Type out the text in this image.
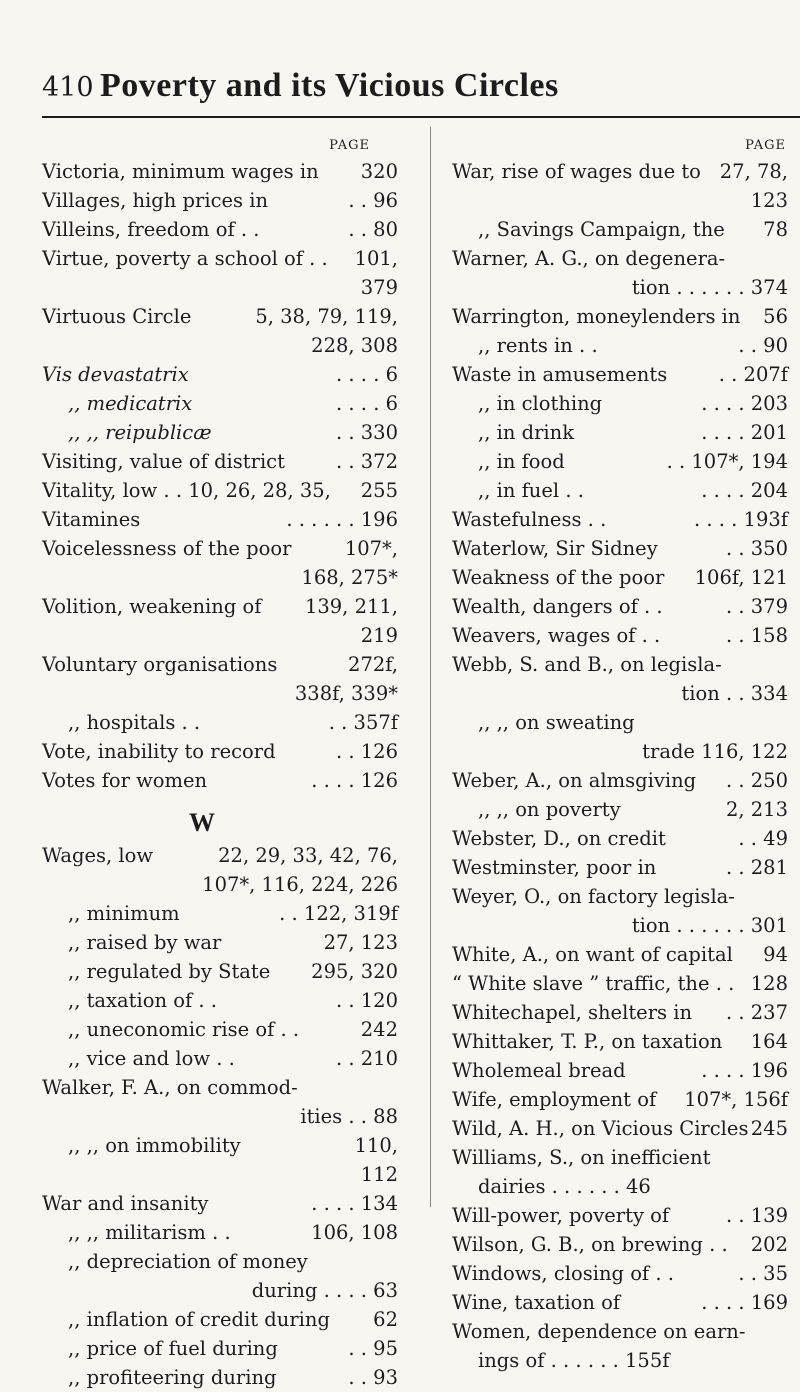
410 Poverty and its Vicious Circles
PAGE
Victoria, minimum wages in 320
Villages, high prices in	. . 96
Villeins, freedom of . .	. . 80
Virtue, poverty a school of . . 101,
379
Virtuous Circle	5, 38, 79, 119,
228, 308
Vis devastatrix	. . . . 6
,, medicatrix	. . . . 6
,, ,, reipublicæ	. . 330
Visiting, value of district	. . 372
Vitality, low . . 10, 26, 28, 35, 255
Vitamines	. . . . . . 196
Voicelessness of the poor	107*,
168, 275*
Volition, weakening of 139, 211,
219
Voluntary organisations	272f,
338f, 339*
,, hospitals . .	. . 357f
Vote, inability to record	. . 126
Votes for women	. . . . 126
W
Wages, low	22, 29, 33, 42, 76,
107*, 116, 224, 226
,, minimum	. . 122, 319f
,, raised by war	27, 123
,, regulated by State 295, 320
,, taxation of . .	. . 120
,, uneconomic rise of . .	242
,, vice and low . .	. . 210
Walker, F. A., on commod-
ities . . 88
,, ,, on immobility	110,
112
War and insanity	. . . . 134
,, ,, militarism . .	106, 108
,, depreciation of money
during . . . . 63
,, inflation of credit during 62
,, price of fuel during	. . 95
,, profiteering during	. . 93
PAGE
War, rise of wages due to 27, 78,
123
,, Savings Campaign, the 78
Warner, A. G., on degenera-
tion . . . . . . 374
Warrington, moneylenders in 56
,, rents in . .	. . 90
Waste in amusements	. . 207f
,, in clothing	. . . . 203
,, in drink	. . . . 201
,, in food	. . 107*, 194
,, in fuel . .	. . . . 204
Wastefulness . .	. . . . 193f
Waterlow, Sir Sidney	. . 350
Weakness of the poor 106f, 121
Wealth, dangers of . .	. . 379
Weavers, wages of . .	. . 158
Webb, S. and B., on legisla-
tion . . 334
,, ,, on sweating
trade 116, 122
Weber, A., on almsgiving . . 250
,, ,, on poverty	2, 213
Webster, D., on credit	. . 49
Westminster, poor in	. . 281
Weyer, O., on factory legisla-
tion . . . . . . 301
White, A., on want of capital 94
“ White slave ” traffic, the . . 128
Whitechapel, shelters in . . 237
Whittaker, T. P., on taxation 164
Wholemeal bread	. . . . 196
Wife, employment of 107*, 156f
Wild, A. H., on Vicious Circles 245
Williams, S., on inefficient
dairies . . . . . . 46
Will-power, poverty of	. . 139
Wilson, G. B., on brewing . . 202
Windows, closing of . .	. . 35
Wine, taxation of	. . . . 169
Women, dependence on earn-
ings of . . . . . . 155f
